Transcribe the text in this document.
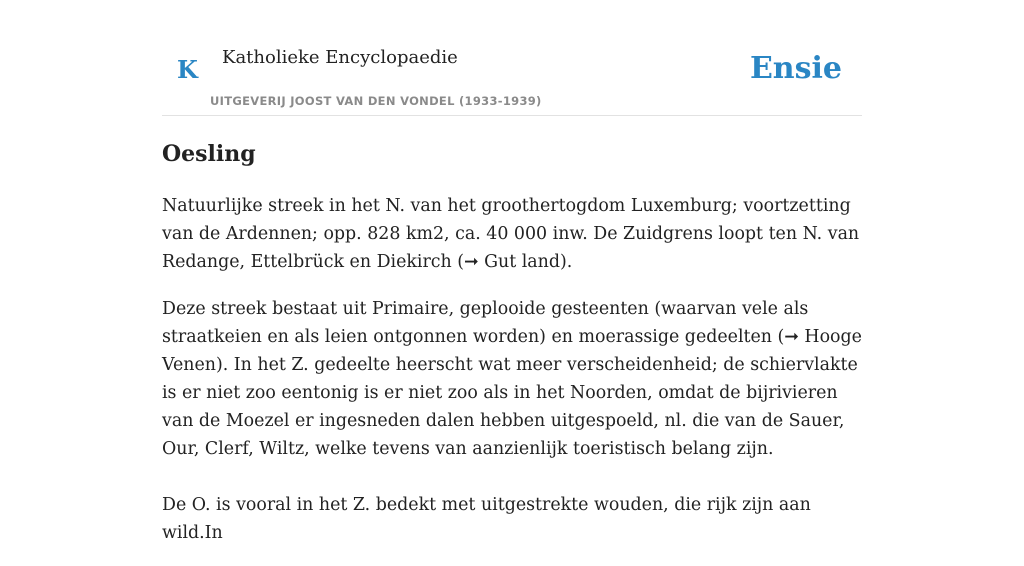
K Katholieke Encyclopaedie
UITGEVERIJ JOOST VAN DEN VONDEL (1933-1939)
Ensie
Oesling

Natuurlijke streek in het N. van het groothertogdom Luxemburg; voortzetting van de Ardennen; opp. 828 km2, ca. 40 000 inw. De Zuidgrens loopt ten N. van Redange, Ettelbrück en Diekirch (➞ Gut land).

Deze streek bestaat uit Primaire, geplooide gesteenten (waarvan vele als straatkeien en als leien ontgonnen worden) en moerassige gedeelten (➞ Hooge Venen). In het Z. gedeelte heerscht wat meer verscheidenheid; de schiervlakte is er niet zoo eentonig is er niet zoo als in het Noorden, omdat de bijrivieren van de Moezel er ingesneden dalen hebben uitgespoeld, nl. die van de Sauer, Our, Clerf, Wiltz, welke tevens van aanzienlijk toeristisch belang zijn.

De O. is vooral in het Z. bedekt met uitgestrekte wouden, die rijk zijn aan wild.In
